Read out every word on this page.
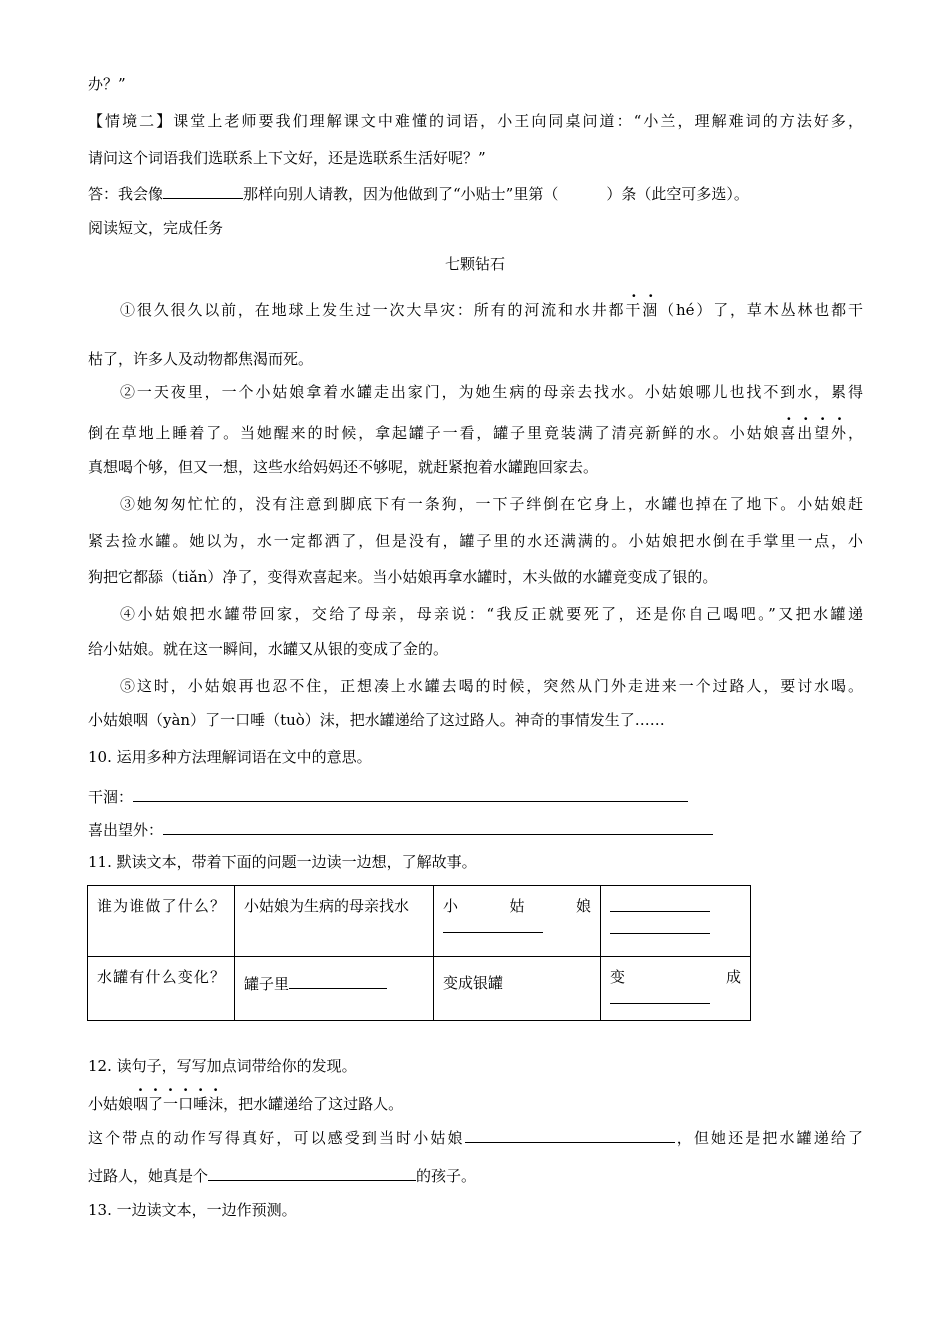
办？”
【情境二】课堂上老师要我们理解课文中难懂的词语，小王向同桌问道：“小兰，理解难词的方法好多，
请问这个词语我们选联系上下文好，还是选联系生活好呢？”
答：我会像	那样向别人请教，因为他做到了“小贴士”里第（	）条（此空可多选）。
阅读短文，完成任务
七颗钻石
①很久很久以前，在地球上发生过一次大旱灾：所有的河流和水井都干涸（hé）了，草木丛林也都干
枯了，许多人及动物都焦渴而死。
②一天夜里，一个小姑娘拿着水罐走出家门，为她生病的母亲去找水。小姑娘哪儿也找不到水，累得
倒在草地上睡着了。当她醒来的时候，拿起罐子一看，罐子里竟装满了清亮新鲜的水。小姑娘喜出望外，
真想喝个够，但又一想，这些水给妈妈还不够呢，就赶紧抱着水罐跑回家去。
③她匆匆忙忙的，没有注意到脚底下有一条狗，一下子绊倒在它身上，水罐也掉在了地下。小姑娘赶
紧去捡水罐。她以为，水一定都洒了，但是没有，罐子里的水还满满的。小姑娘把水倒在手掌里一点，小
狗把它都舔（tiǎn）净了，变得欢喜起来。当小姑娘再拿水罐时，木头做的水罐竟变成了银的。
④小姑娘把水罐带回家，交给了母亲，母亲说：“我反正就要死了，还是你自己喝吧。”又把水罐递
给小姑娘。就在这一瞬间，水罐又从银的变成了金的。
⑤这时，小姑娘再也忍不住，正想凑上水罐去喝的时候，突然从门外走进来一个过路人，要讨水喝。
小姑娘咽（yàn）了一口唾（tuò）沫，把水罐递给了这过路人。神奇的事情发生了……
10. 运用多种方法理解词语在文中的意思。
干涸：
喜出望外：
11. 默读文本，带着下面的问题一边读一边想，了解故事。
谁为谁做了什么？	小姑娘为生病的母亲找水	小　姑　娘	

水罐有什么变化？	罐子里	变成银罐	变　成
12. 读句子，写写加点词带给你的发现。
小姑娘咽了一口唾沫，把水罐递给了这过路人。
这个带点的动作写得真好，可以感受到当时小姑娘	，但她还是把水罐递给了
过路人，她真是个	的孩子。
13. 一边读文本，一边作预测。
